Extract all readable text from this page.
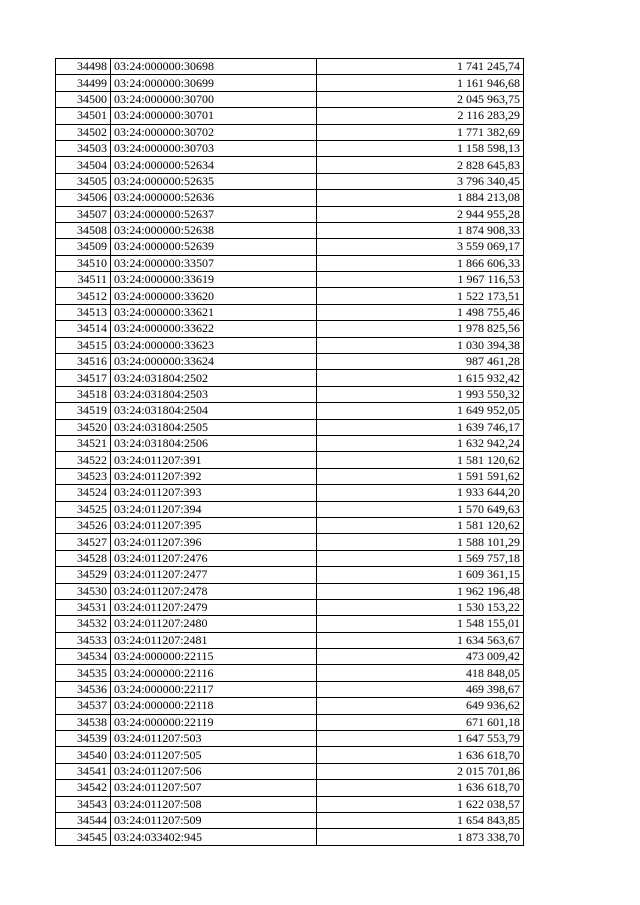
34498	03:24:000000:30698	1 741 245,74
34499	03:24:000000:30699	1 161 946,68
34500	03:24:000000:30700	2 045 963,75
34501	03:24:000000:30701	2 116 283,29
34502	03:24:000000:30702	1 771 382,69
34503	03:24:000000:30703	1 158 598,13
34504	03:24:000000:52634	2 828 645,83
34505	03:24:000000:52635	3 796 340,45
34506	03:24:000000:52636	1 884 213,08
34507	03:24:000000:52637	2 944 955,28
34508	03:24:000000:52638	1 874 908,33
34509	03:24:000000:52639	3 559 069,17
34510	03:24:000000:33507	1 866 606,33
34511	03:24:000000:33619	1 967 116,53
34512	03:24:000000:33620	1 522 173,51
34513	03:24:000000:33621	1 498 755,46
34514	03:24:000000:33622	1 978 825,56
34515	03:24:000000:33623	1 030 394,38
34516	03:24:000000:33624	987 461,28
34517	03:24:031804:2502	1 615 932,42
34518	03:24:031804:2503	1 993 550,32
34519	03:24:031804:2504	1 649 952,05
34520	03:24:031804:2505	1 639 746,17
34521	03:24:031804:2506	1 632 942,24
34522	03:24:011207:391	1 581 120,62
34523	03:24:011207:392	1 591 591,62
34524	03:24:011207:393	1 933 644,20
34525	03:24:011207:394	1 570 649,63
34526	03:24:011207:395	1 581 120,62
34527	03:24:011207:396	1 588 101,29
34528	03:24:011207:2476	1 569 757,18
34529	03:24:011207:2477	1 609 361,15
34530	03:24:011207:2478	1 962 196,48
34531	03:24:011207:2479	1 530 153,22
34532	03:24:011207:2480	1 548 155,01
34533	03:24:011207:2481	1 634 563,67
34534	03:24:000000:22115	473 009,42
34535	03:24:000000:22116	418 848,05
34536	03:24:000000:22117	469 398,67
34537	03:24:000000:22118	649 936,62
34538	03:24:000000:22119	671 601,18
34539	03:24:011207:503	1 647 553,79
34540	03:24:011207:505	1 636 618,70
34541	03:24:011207:506	2 015 701,86
34542	03:24:011207:507	1 636 618,70
34543	03:24:011207:508	1 622 038,57
34544	03:24:011207:509	1 654 843,85
34545	03:24:033402:945	1 873 338,70
